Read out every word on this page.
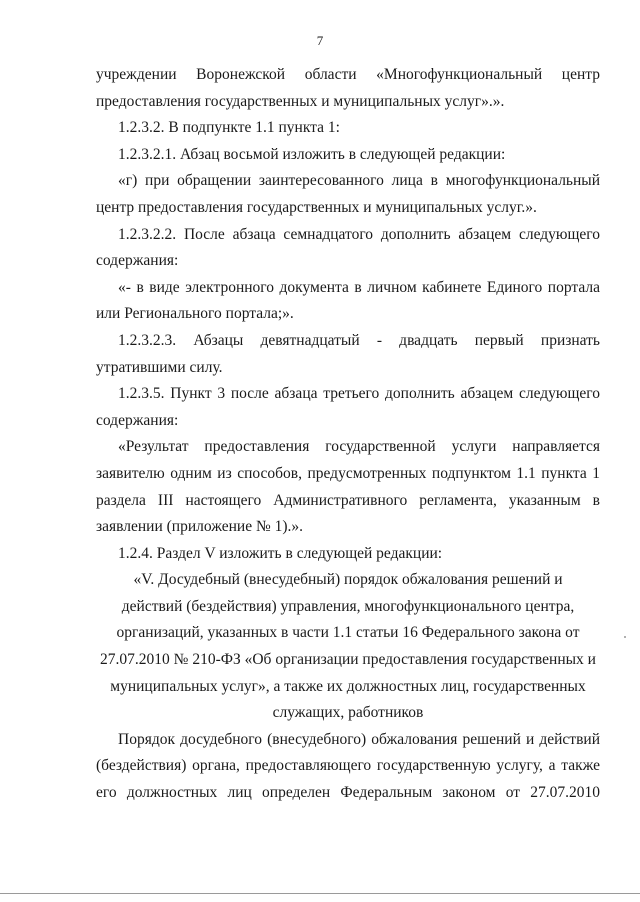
7
учреждении Воронежской области «Многофункциональный центр
предоставления государственных и муниципальных услуг».».
1.2.3.2. В подпункте 1.1 пункта 1:
1.2.3.2.1. Абзац восьмой изложить в следующей редакции:
«г) при обращении заинтересованного лица в многофункциональный
центр предоставления государственных и муниципальных услуг.».
1.2.3.2.2. После абзаца семнадцатого дополнить абзацем следующего
содержания:
«- в виде электронного документа в личном кабинете Единого портала
или Регионального портала;».
1.2.3.2.3. Абзацы девятнадцатый - двадцать первый признать
утратившими силу.
1.2.3.5. Пункт 3 после абзаца третьего дополнить абзацем следующего
содержания:
«Результат предоставления государственной услуги направляется
заявителю одним из способов, предусмотренных подпунктом 1.1 пункта 1
раздела III настоящего Административного регламента, указанным в
заявлении (приложение № 1).».
1.2.4. Раздел V изложить в следующей редакции:
«V. Досудебный (внесудебный) порядок обжалования решений и
действий (бездействия) управления, многофункционального центра,
организаций, указанных в части 1.1 статьи 16 Федерального закона от
27.07.2010 № 210-ФЗ «Об организации предоставления государственных и
муниципальных услуг», а также их должностных лиц, государственных
служащих, работников
Порядок досудебного (внесудебного) обжалования решений и действий
(бездействия) органа, предоставляющего государственную услугу, а также
его должностных лиц определен Федеральным законом от 27.07.2010
